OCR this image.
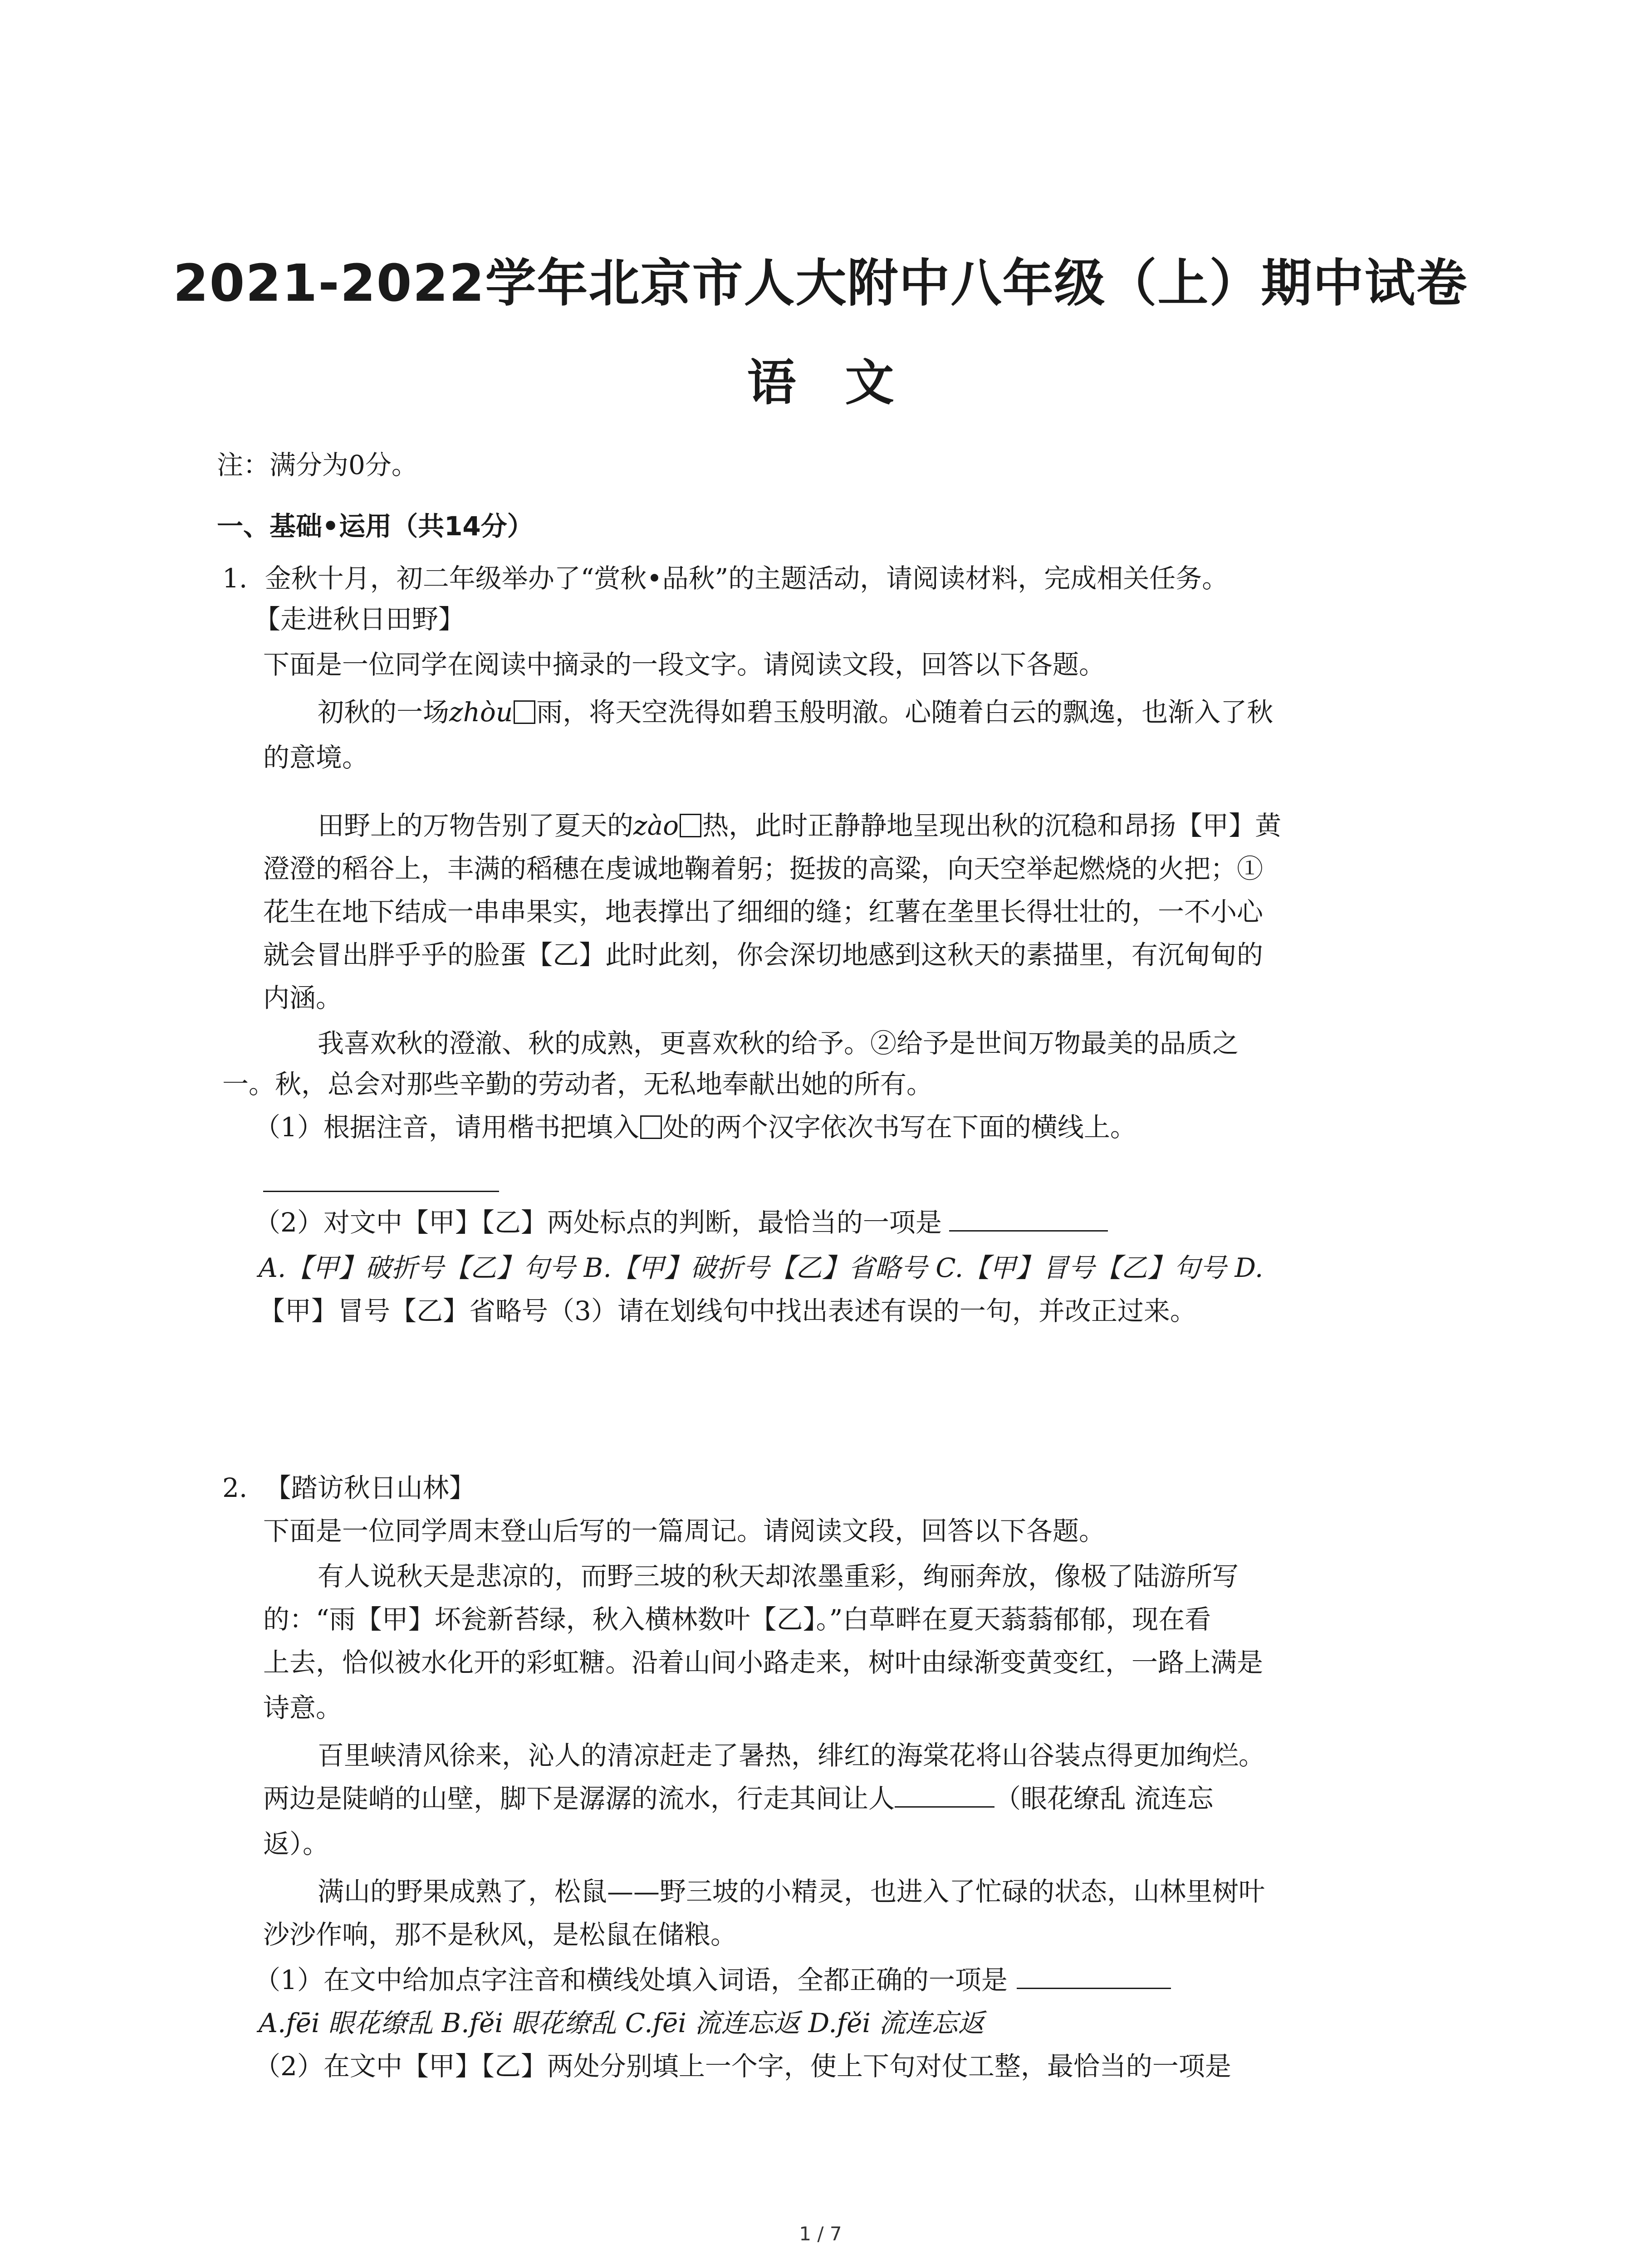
2021-2022学年北京市人大附中八年级（上）期中试卷
语　文
注：满分为0分。
一、基础•运用（共14分）
1. 金秋十月，初二年级举办了“赏秋•品秋”的主题活动，请阅读材料，完成相关任务。
【走进秋日田野】
下面是一位同学在阅读中摘录的一段文字。请阅读文段，回答以下各题。
初秋的一场zhòu 雨，将天空洗得如碧玉般明澈。心随着白云的飘逸，也渐入了秋
的意境。
田野上的万物告别了夏天的zào 热，此时正静静地呈现出秋的沉稳和昂扬【甲】黄
澄澄的稻谷上，丰满的稻穗在虔诚地鞠着躬；挺拔的高粱，向天空举起燃烧的火把；①
花生在地下结成一串串果实，地表撑出了细细的缝；红薯在垄里长得壮壮的，一不小心
就会冒出胖乎乎的脸蛋【乙】此时此刻，你会深切地感到这秋天的素描里，有沉甸甸的
内涵。
我喜欢秋的澄澈、秋的成熟，更喜欢秋的给予。②给予是世间万物最美的品质之
一。秋，总会对那些辛勤的劳动者，无私地奉献出她的所有。
（1）根据注音，请用楷书把填入 处的两个汉字依次书写在下面的横线上。
（2）对文中【甲】【乙】两处标点的判断，最恰当的一项是
A.【甲】破折号【乙】句号 B.【甲】破折号【乙】省略号 C.【甲】冒号【乙】句号 D.
【甲】冒号【乙】省略号（3）请在划线句中找出表述有误的一句，并改正过来。
2. 【踏访秋日山林】
下面是一位同学周末登山后写的一篇周记。请阅读文段，回答以下各题。
有人说秋天是悲凉的，而野三坡的秋天却浓墨重彩，绚丽奔放，像极了陆游所写
的：“雨【甲】坏瓮新苔绿，秋入横林数叶【乙】。”白草畔在夏天蓊蓊郁郁，现在看
上去，恰似被水化开的彩虹糖。沿着山间小路走来，树叶由绿渐变黄变红，一路上满是
诗意。
百里峡清风徐来，沁人的清凉赶走了暑热，绯红的海棠花将山谷装点得更加绚烂。
两边是陡峭的山壁，脚下是潺潺的流水，行走其间让人	（眼花缭乱 流连忘
返）。
满山的野果成熟了，松鼠——野三坡的小精灵，也进入了忙碌的状态，山林里树叶
沙沙作响，那不是秋风，是松鼠在储粮。
（1）在文中给加点字注音和横线处填入词语，全都正确的一项是
A.fēi 眼花缭乱 B.fěi 眼花缭乱 C.fēi 流连忘返 D.fěi 流连忘返
（2）在文中【甲】【乙】两处分别填上一个字，使上下句对仗工整，最恰当的一项是
1 / 7
